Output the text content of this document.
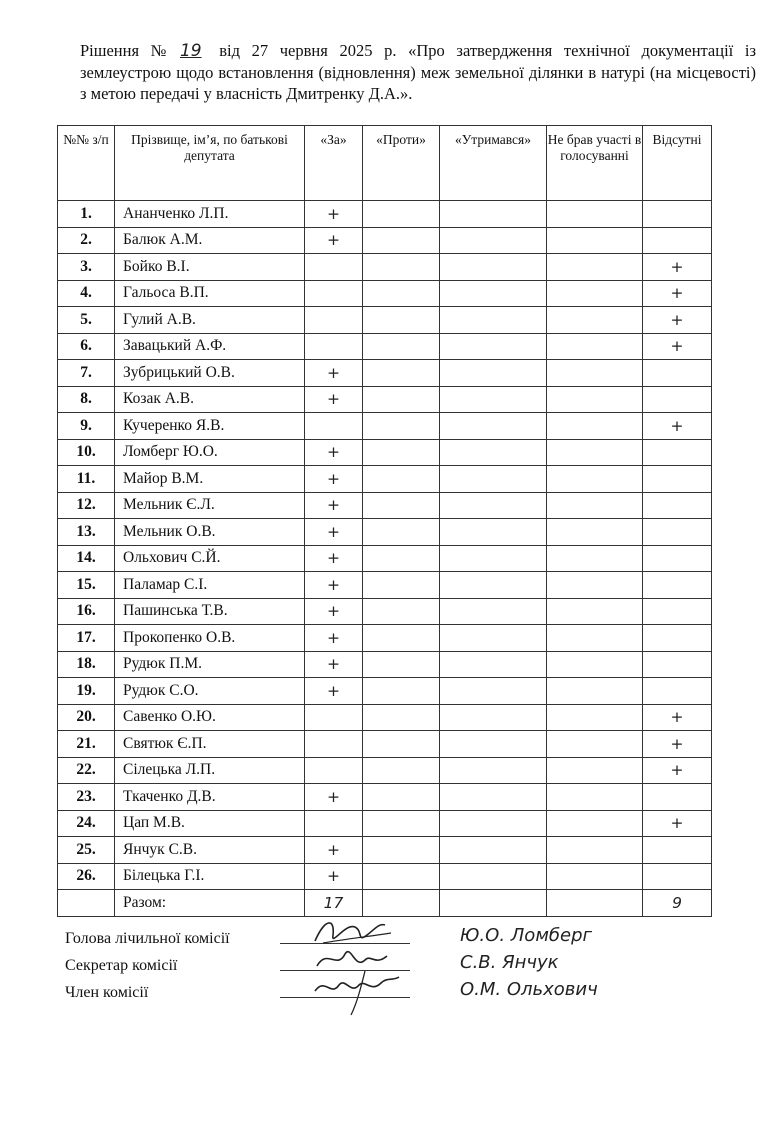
Рішення № 19 від 27 червня 2025 р. «Про затвердження технічної документації із землеустрою щодо встановлення (відновлення) меж земельної ділянки в натурі (на місцевості) з метою передачі у власність Дмитренку Д.А.».
№№ з/п	Прізвище, ім’я, по батькові депутата	«За»	«Проти»	«Утримався»	Не брав участі в голосуванні	Відсутні
1.	Ананченко Л.П.	+				
2.	Балюк А.М.	+				
3.	Бойко В.І.					+
4.	Гальоса В.П.					+
5.	Гулий А.В.					+
6.	Завацький А.Ф.					+
7.	Зубрицький О.В.	+				
8.	Козак А.В.	+				
9.	Кучеренко Я.В.					+
10.	Ломберг Ю.О.	+				
11.	Майор В.М.	+				
12.	Мельник Є.Л.	+				
13.	Мельник О.В.	+				
14.	Ольхович С.Й.	+				
15.	Паламар С.І.	+				
16.	Пашинська Т.В.	+				
17.	Прокопенко О.В.	+				
18.	Рудюк П.М.	+				
19.	Рудюк С.О.	+				
20.	Савенко О.Ю.					+
21.	Святюк Є.П.					+
22.	Сілецька Л.П.					+
23.	Ткаченко Д.В.	+				
24.	Цап М.В.					+
25.	Янчук С.В.	+				
26.	Білецька Г.І.	+				
	Разом:	17				9
Голова лічильної комісії	Ю.О. Ломберг
Секретар комісії	С.В. Янчук
Член комісії	О.М. Ольхович
